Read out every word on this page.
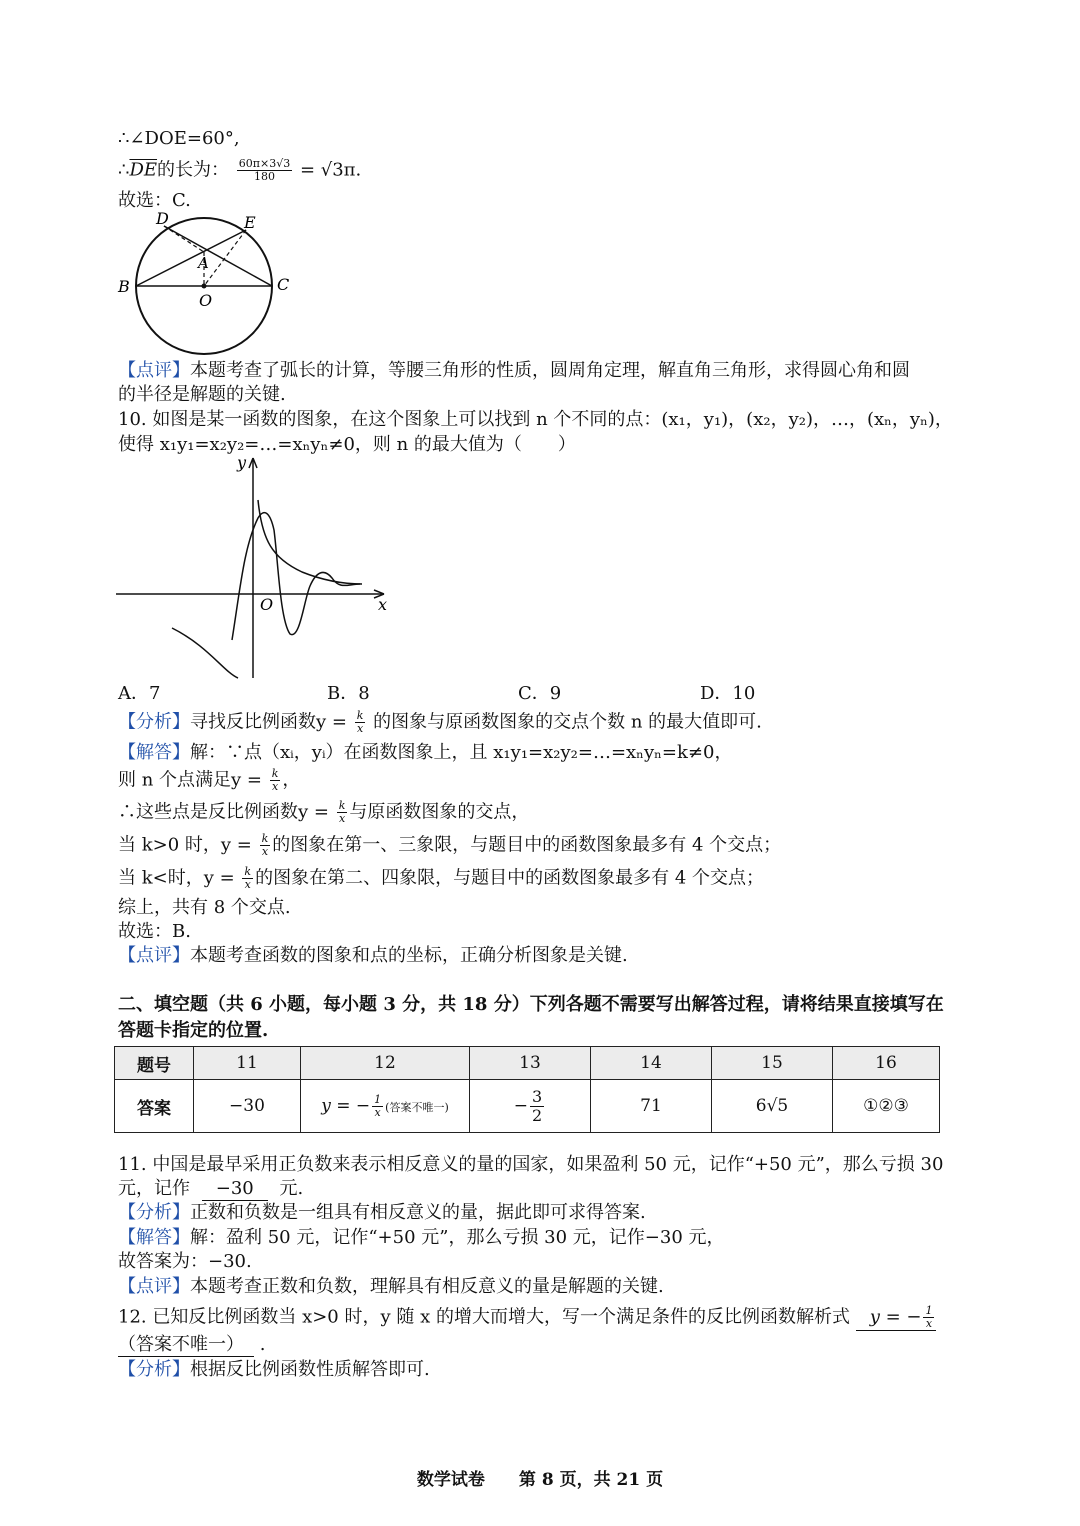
∴∠DOE=60°,
$\therefore\overline{DE}$的长为： $\frac{60\pi\times 3√3}{180} = √3\pi$.
故选：C.
D	E
A
B
O
C
【点评】本题考查了弧长的计算，等腰三角形的性质，圆周角定理，解直角三角形，求得圆心角和圆
的半径是解题的关键.
10. 如图是某一函数的图象，在这个图象上可以找到 n 个不同的点：(x₁，y₁)，(x₂，y₂)，…，(xₙ，yₙ)，
使得 x₁y₁=x₂y₂=…=xₙyₙ≠0，则 n 的最大值为（　　）
y
O	x
A．7	B．8	C．9	D．10
【分析】寻找反比例函数$y = \frac{k}{x}$ 的图象与原函数图象的交点个数 n 的最大值即可.
【解答】解：∵点（xᵢ，yᵢ）在函数图象上，且 x₁y₁=x₂y₂=…=xₙyₙ=k≠0，
则 n 个点满足$y = \frac{k}{x}$ ，
∴这些点是反比例函数$y = \frac{k}{x}$ 与原函数图象的交点，
当 k>0 时，$y = \frac{k}{x}$ 的图象在第一、三象限，与题目中的函数图象最多有 4 个交点；
当 k<时，$y = \frac{k}{x}$ 的图象在第二、四象限，与题目中的函数图象最多有 4 个交点；
综上，共有 8 个交点.
故选：B.
【点评】本题考查函数的图象和点的坐标，正确分析图象是关键.
二、填空题（共 6 小题，每小题 3 分，共 18 分）下列各题不需要写出解答过程，请将结果直接填写在
答题卡指定的位置.
题号	11	12	13	14	15	16
答案	−30	y = − $\frac{1}{x}$ (答案不唯一)	− $\frac{3}{2}$	71	6√5	①②③
11. 中国是最早采用正负数来表示相反意义的量的国家，如果盈利 50 元，记作“+50 元”，那么亏损 30
元，记作 −30 元.
【分析】正数和负数是一组具有相反意义的量，据此即可求得答案.
【解答】解：盈利 50 元，记作“+50 元”，那么亏损 30 元，记作−30 元，
故答案为：−30.
【点评】本题考查正数和负数，理解具有相反意义的量是解题的关键.
12. 已知反比例函数当 x>0 时，y 随 x 的增大而增大，写一个满足条件的反比例函数解析式 y = − $\frac{1}{x}$
（答案不唯一） .
【分析】根据反比例函数性质解答即可.
数学试卷　　第 8 页，共 21 页
